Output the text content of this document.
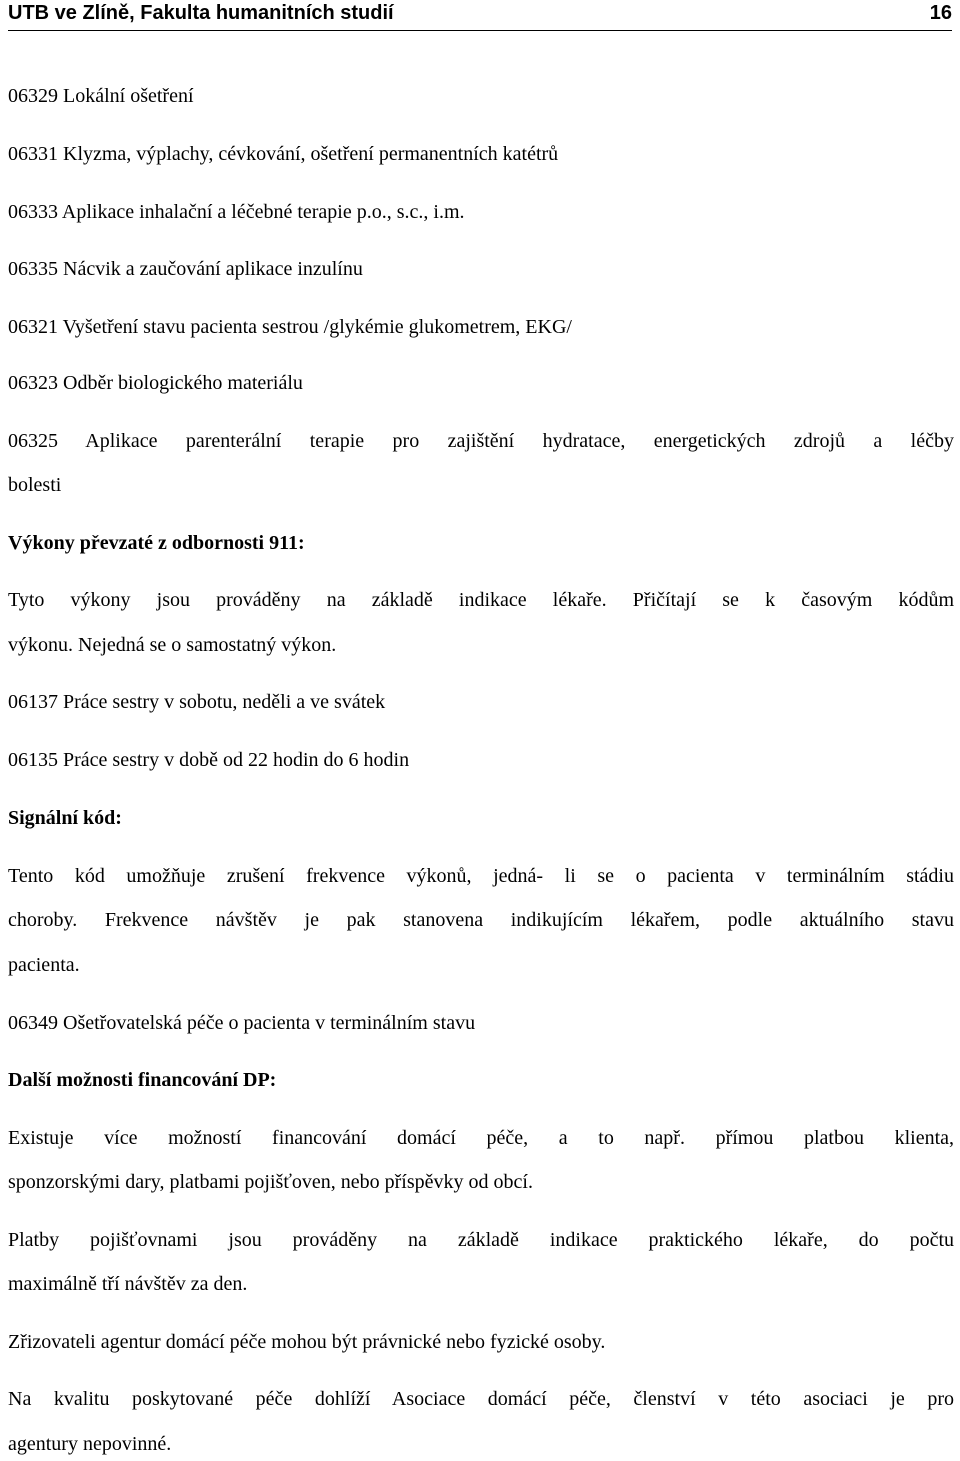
UTB ve Zlíně, Fakulta humanitních studií	16
06329 Lokální ošetření
06331 Klyzma, výplachy, cévkování, ošetření permanentních katétrů
06333 Aplikace inhalační a léčebné terapie p.o., s.c., i.m.
06335 Nácvik a zaučování aplikace inzulínu
06321 Vyšetření stavu pacienta sestrou /glykémie glukometrem, EKG/
06323 Odběr biologického materiálu
06325 Aplikace parenterální terapie pro zajištění hydratace, energetických zdrojů a léčby
bolesti
Výkony převzaté z odbornosti 911:
Tyto výkony jsou prováděny na základě indikace lékaře. Přičítají se k časovým kódům
výkonu. Nejedná se o samostatný výkon.
06137 Práce sestry v sobotu, neděli a ve svátek
06135 Práce sestry v době od 22 hodin do 6 hodin
Signální kód:
Tento kód umožňuje zrušení frekvence výkonů, jedná- li se o pacienta v terminálním stádiu
choroby. Frekvence návštěv je pak stanovena indikujícím lékařem, podle aktuálního stavu
pacienta.
06349 Ošetřovatelská péče o pacienta v terminálním stavu
Další možnosti financování DP:
Existuje více možností financování domácí péče, a to např. přímou platbou klienta,
sponzorskými dary, platbami pojišťoven, nebo příspěvky od obcí.
Platby pojišťovnami jsou prováděny na základě indikace praktického lékaře, do počtu
maximálně tří návštěv za den.
Zřizovateli agentur domácí péče mohou být právnické nebo fyzické osoby.
Na kvalitu poskytované péče dohlíží Asociace domácí péče, členství v této asociaci je pro
agentury nepovinné.
